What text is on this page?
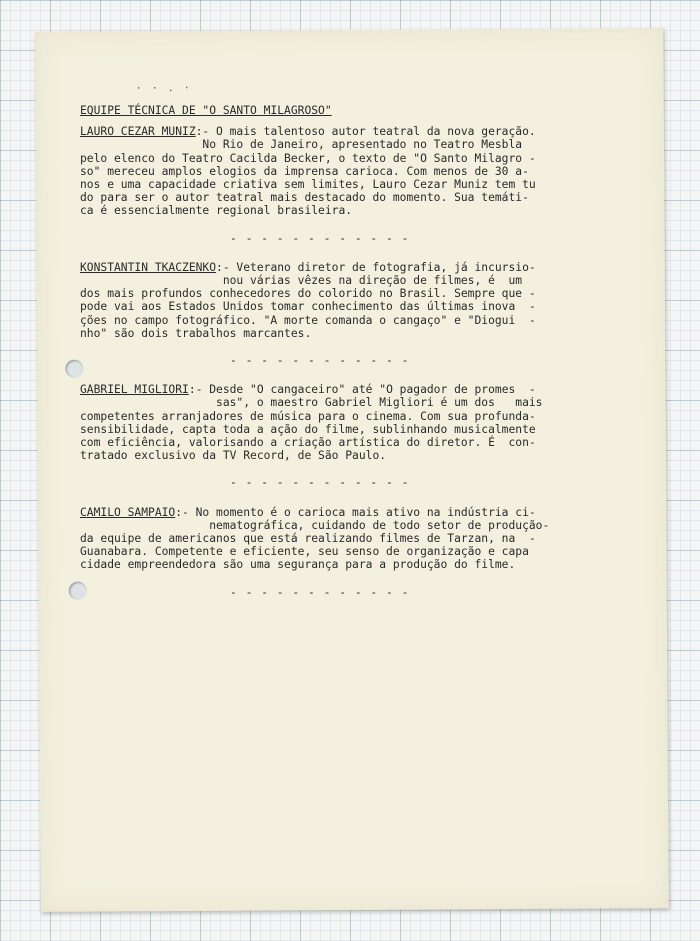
· · . ·
EQUIPE TÉCNICA DE "O SANTO MILAGROSO"
LAURO CEZAR MUNIZ:- O mais talentoso autor teatral da nova geração.
No Rio de Janeiro, apresentado no Teatro Mesbla
pelo elenco do Teatro Cacilda Becker, o texto de "O Santo Milagro -
so" mereceu amplos elogios da imprensa carioca. Com menos de 30 a-
nos e uma capacidade criativa sem limites, Lauro Cezar Muniz tem tu
do para ser o autor teatral mais destacado do momento. Sua temáti-
ca é essencialmente regional brasileira.
- - - - - - - - - - - -
KONSTANTIN TKACZENKO:- Veterano diretor de fotografia, já incursio-
nou várias vêzes na direção de filmes, é  um
dos mais profundos conhecedores do colorido no Brasil. Sempre que -
pode vai aos Estados Unidos tomar conhecimento das últimas inova  -
ções no campo fotográfico. "A morte comanda o cangaço" e "Diogui  -
nho" são dois trabalhos marcantes.
- - - - - - - - - - - -
GABRIEL MIGLIORI:- Desde "O cangaceiro" até "O pagador de promes  -
sas", o maestro Gabriel Migliori é um dos   mais
competentes arranjadores de música para o cinema. Com sua profunda-
sensibilidade, capta toda a ação do filme, sublinhando musicalmente
com eficiência, valorisando a criação artística do diretor. É  con-
tratado exclusivo da TV Record, de São Paulo.
- - - - - - - - - - - -
CAMILO SAMPAIO:- No momento é o carioca mais ativo na indústria ci-
nematográfica, cuidando de todo setor de produção-
da equipe de americanos que está realizando filmes de Tarzan, na  -
Guanabara. Competente e eficiente, seu senso de organização e capa
cidade empreendedora são uma segurança para a produção do filme.
- - - - - - - - - - - -
